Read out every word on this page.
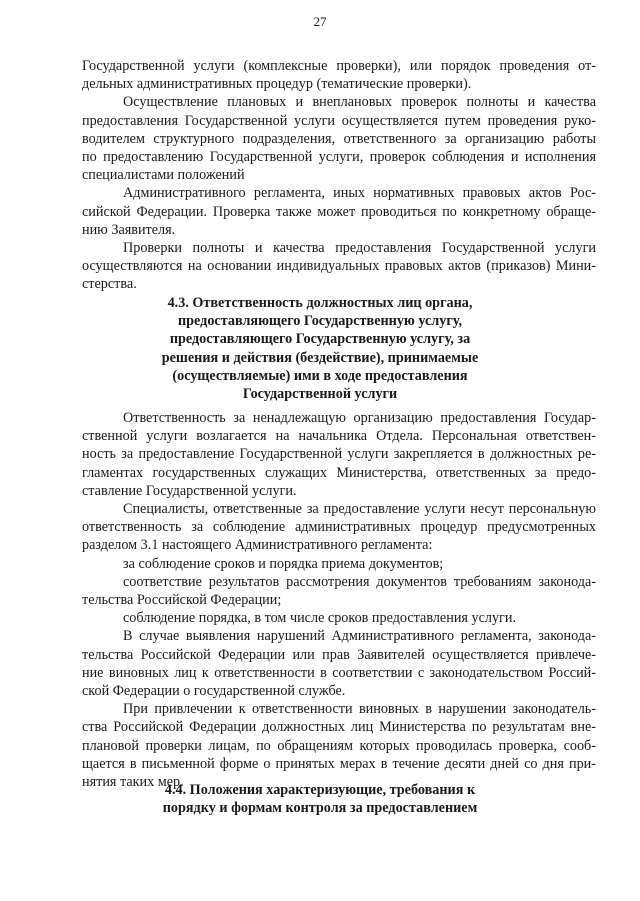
27
Государственной услуги (комплексные проверки), или порядок проведения от-
дельных административных процедур (тематические проверки).
Осуществление плановых и внеплановых проверок полноты и качества
предоставления Государственной услуги осуществляется путем проведения руко-
водителем структурного подразделения, ответственного за организацию работы
по предоставлению Государственной услуги, проверок соблюдения и исполнения
специалистами положений
Административного регламента, иных нормативных правовых актов Рос-
сийской Федерации. Проверка также может проводиться по конкретному обраще-
нию Заявителя.
Проверки полноты и качества предоставления Государственной услуги
осуществляются на основании индивидуальных правовых актов (приказов) Мини-
стерства.
4.3. Ответственность должностных лиц органа,
предоставляющего Государственную услугу,
предоставляющего Государственную услугу, за
решения и действия (бездействие), принимаемые
(осуществляемые) ими в ходе предоставления
Государственной услуги
Ответственность за ненадлежащую организацию предоставления Государ-
ственной услуги возлагается на начальника Отдела. Персональная ответствен-
ность за предоставление Государственной услуги закрепляется в должностных ре-
гламентах государственных служащих Министерства, ответственных за предо-
ставление Государственной услуги.
Специалисты, ответственные за предоставление услуги несут персональную
ответственность за соблюдение административных процедур предусмотренных
разделом 3.1 настоящего Административного регламента:
за соблюдение сроков и порядка приема документов;
соответствие результатов рассмотрения документов требованиям законода-
тельства Российской Федерации;
соблюдение порядка, в том числе сроков предоставления услуги.
В случае выявления нарушений Административного регламента, законода-
тельства Российской Федерации или прав Заявителей осуществляется привлече-
ние виновных лиц к ответственности в соответствии с законодательством Россий-
ской Федерации о государственной службе.
При привлечении к ответственности виновных в нарушении законодатель-
ства Российской Федерации должностных лиц Министерства по результатам вне-
плановой проверки лицам, по обращениям которых проводилась проверка, сооб-
щается в письменной форме о принятых мерах в течение десяти дней со дня при-
нятия таких мер.
4.4. Положения характеризующие, требования к
порядку и формам контроля за предоставлением
